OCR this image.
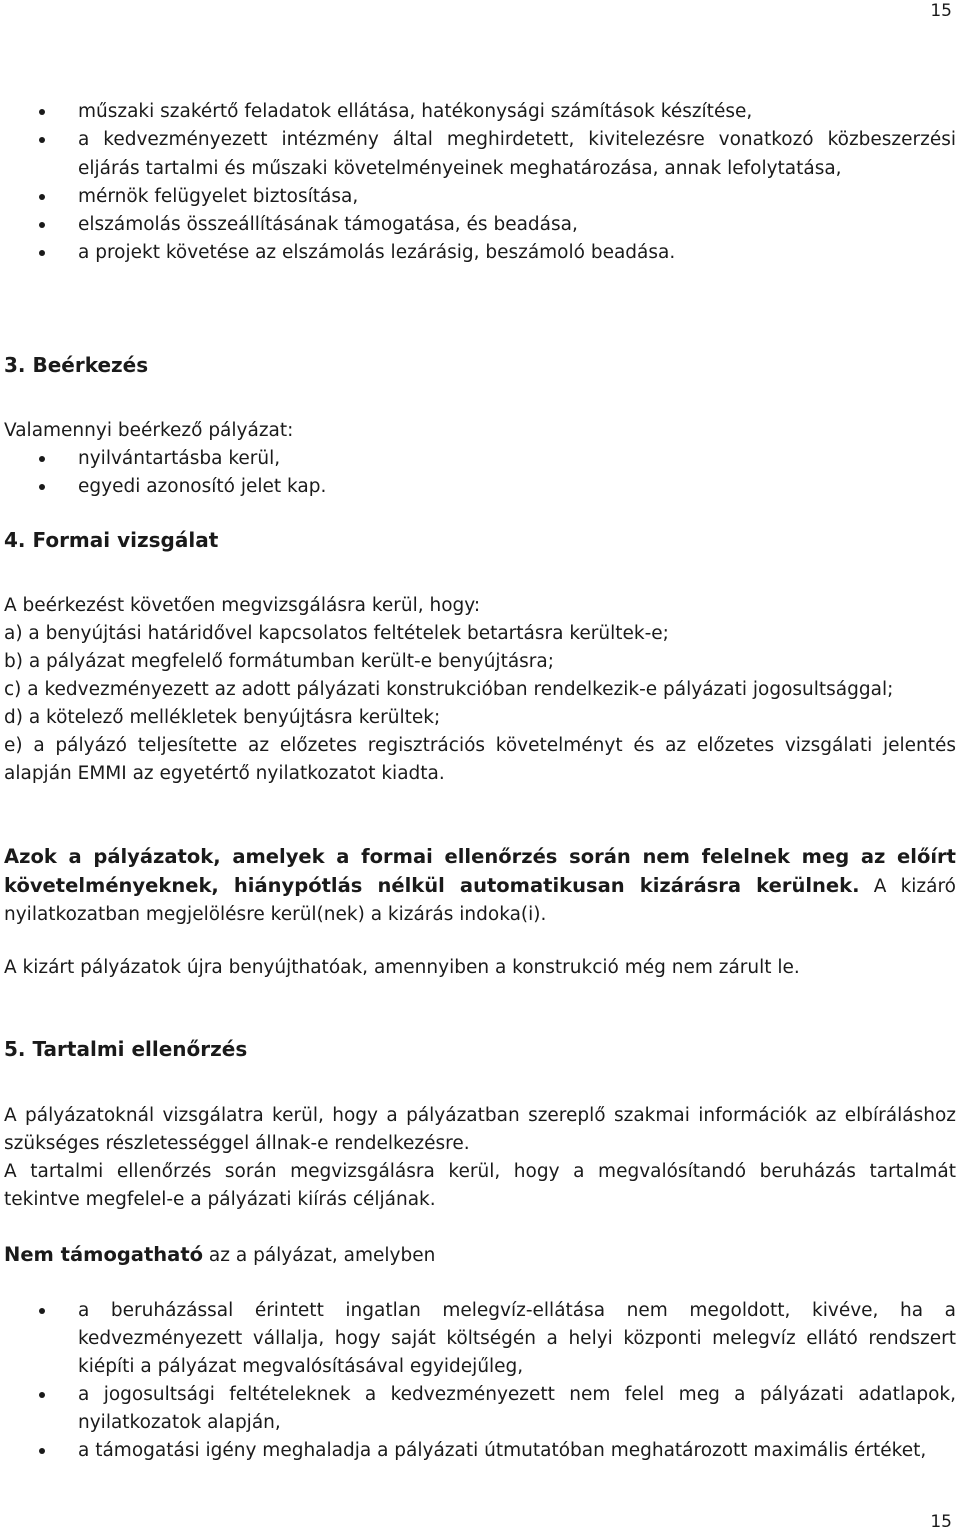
15
műszaki szakértő feladatok ellátása, hatékonysági számítások készítése,
a kedvezményezett intézmény által meghirdetett, kivitelezésre vonatkozó közbeszerzési eljárás tartalmi és műszaki követelményeinek meghatározása, annak lefolytatása,
mérnök felügyelet biztosítása,
elszámolás összeállításának támogatása, és beadása,
a projekt követése az elszámolás lezárásig, beszámoló beadása.
3. Beérkezés
Valamennyi beérkező pályázat:
nyilvántartásba kerül,
egyedi azonosító jelet kap.
4. Formai vizsgálat
A beérkezést követően megvizsgálásra kerül, hogy:
a) a benyújtási határidővel kapcsolatos feltételek betartásra kerültek-e;
b) a pályázat megfelelő formátumban került-e benyújtásra;
c) a kedvezményezett az adott pályázati konstrukcióban rendelkezik-e pályázati jogosultsággal;
d) a kötelező mellékletek benyújtásra kerültek;
e) a pályázó teljesítette az előzetes regisztrációs követelményt és az előzetes vizsgálati jelentés alapján EMMI az egyetértő nyilatkozatot kiadta.
Azok a pályázatok, amelyek a formai ellenőrzés során nem felelnek meg az előírt követelményeknek, hiánypótlás nélkül automatikusan kizárásra kerülnek. A kizáró nyilatkozatban megjelölésre kerül(nek) a kizárás indoka(i).
A kizárt pályázatok újra benyújthatóak, amennyiben a konstrukció még nem zárult le.
5. Tartalmi ellenőrzés
A pályázatoknál vizsgálatra kerül, hogy a pályázatban szereplő szakmai információk az elbíráláshoz szükséges részletességgel állnak-e rendelkezésre.
A tartalmi ellenőrzés során megvizsgálásra kerül, hogy a megvalósítandó beruházás tartalmát tekintve megfelel-e a pályázati kiírás céljának.
Nem támogatható az a pályázat, amelyben
a beruházással érintett ingatlan melegvíz-ellátása nem megoldott, kivéve, ha a kedvezményezett vállalja, hogy saját költségén a helyi központi melegvíz ellátó rendszert kiépíti a pályázat megvalósításával egyidejűleg,
a jogosultsági feltételeknek a kedvezményezett nem felel meg a pályázati adatlapok, nyilatkozatok alapján,
a támogatási igény meghaladja a pályázati útmutatóban meghatározott maximális értéket,
15
